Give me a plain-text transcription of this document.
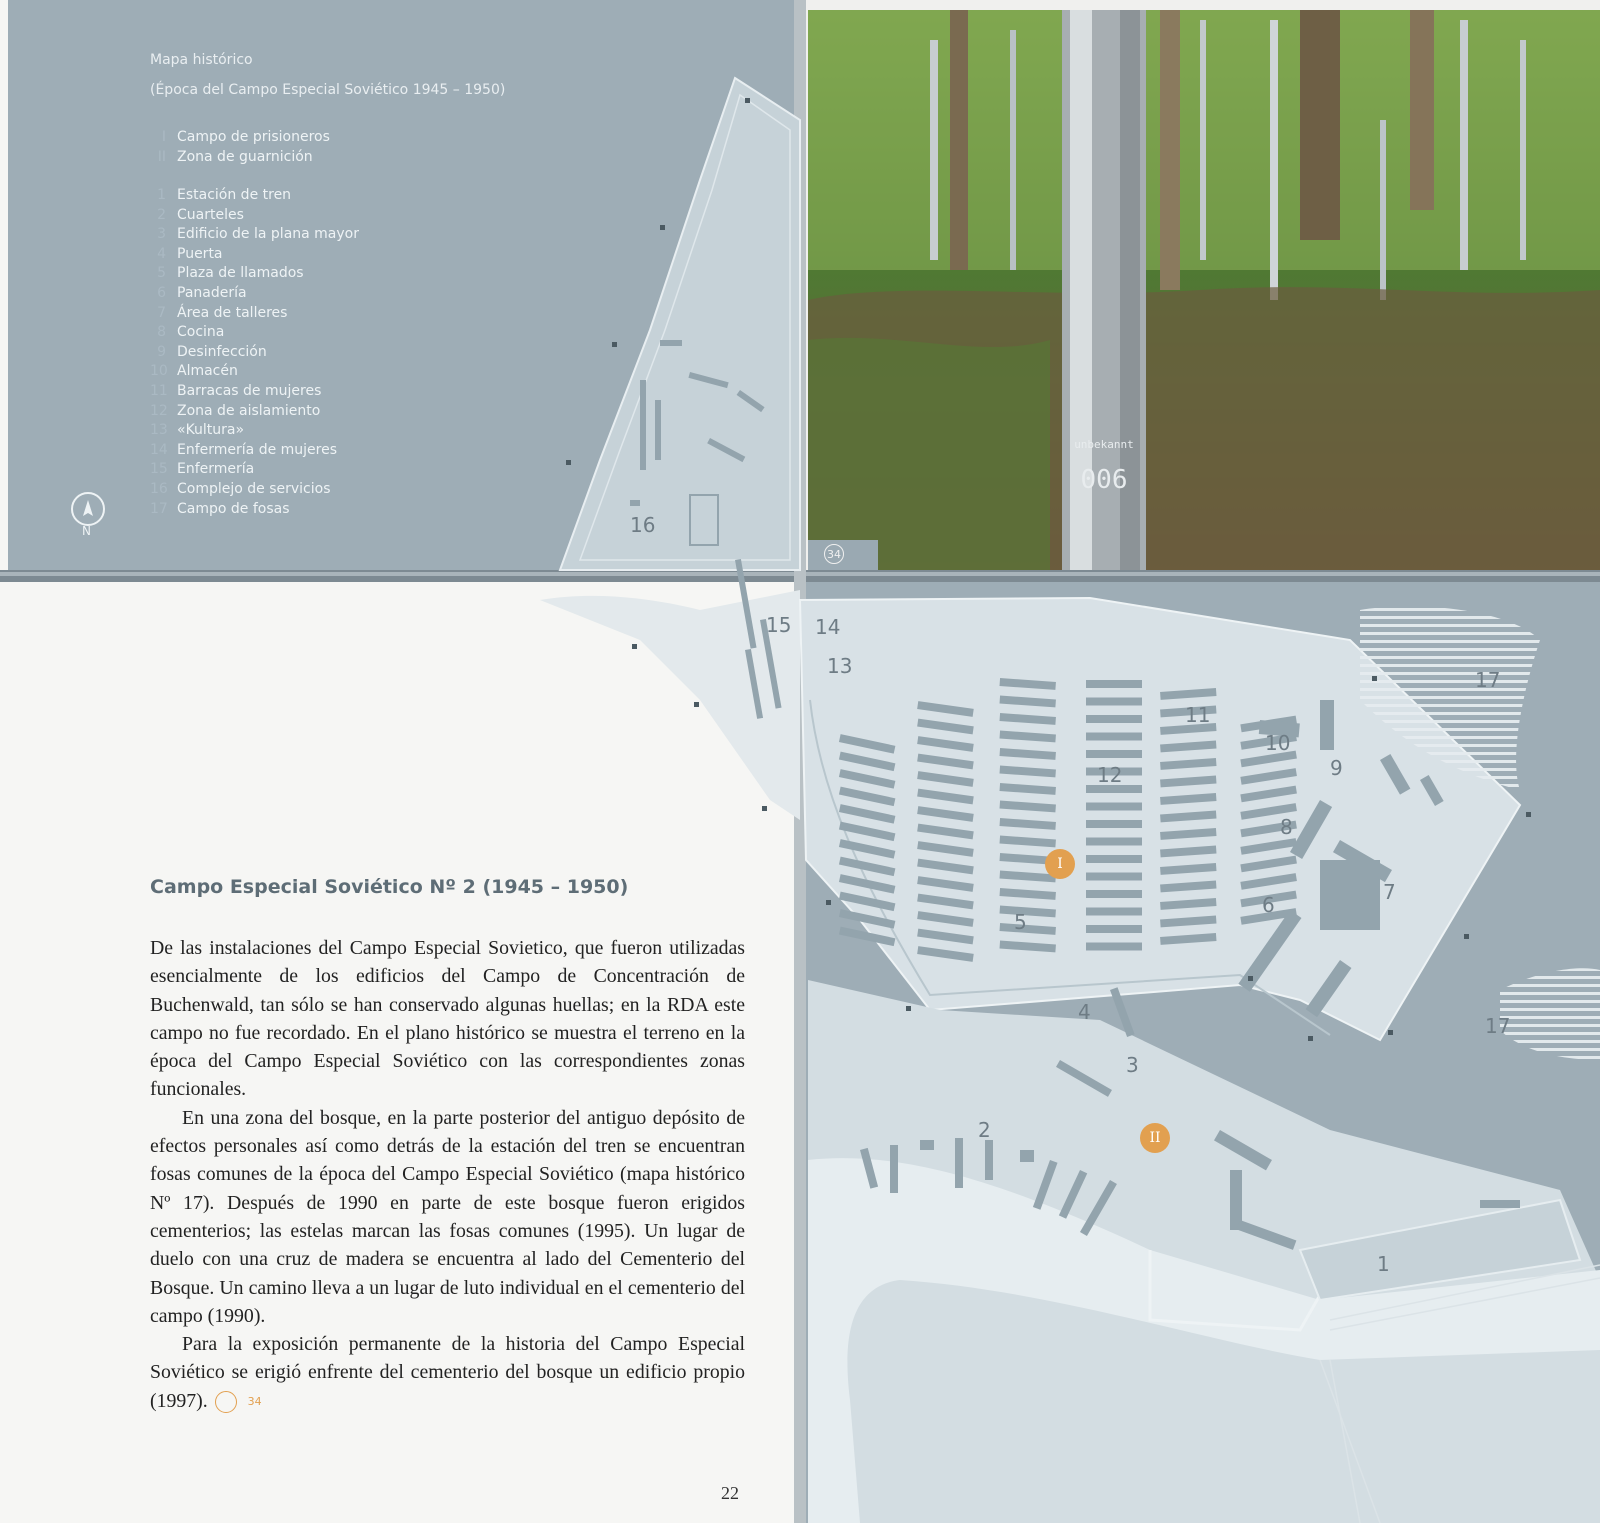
unbekannt
006
34
Mapa histórico
(Época del Campo Especial Soviético 1945 – 1950)
I Campo de prisioneros
II Zona de guarnición
1 Estación de tren
2 Cuarteles
3 Edificio de la plana mayor
4 Puerta
5 Plaza de llamados
6 Panadería
7 Área de talleres
8 Cocina
9 Desinfección
10 Almacén
11 Barracas de mujeres
12 Zona de aislamiento
13 «Kultura»
14 Enfermería de mujeres
15 Enfermería
16 Complejo de servicios
17 Campo de fosas
N
1
2
3
4
5
6
7
8
9
10
11
12
13
14
15
16
17
17
I
II
Campo Especial Soviético Nº 2 (1945 – 1950)

De las instalaciones del Campo Especial Sovietico, que fueron utilizadas esencialmente de los edificios del Campo de Concentración de Buchenwald, tan sólo se han conservado algunas huellas; en la RDA este campo no fue recordado. En el plano histórico se muestra el terreno en la época del Campo Especial Soviético con las correspondientes zonas funcionales.

En una zona del bosque, en la parte posterior del antiguo depósito de efectos personales así como detrás de la estación del tren se encuentran fosas comunes de la época del Campo Especial Soviético (mapa histórico Nº 17). Después de 1990 en parte de este bosque fueron erigidos cementerios; las estelas marcan las fosas comunes (1995). Un lugar de duelo con una cruz de madera se encuentra al lado del Cementerio del Bosque. Un camino lleva a un lugar de luto individual en el cementerio del campo (1990).

Para la exposición permanente de la historia del Campo Especial Soviético se erigió enfrente del cementerio del bosque un edificio propio (1997).	34

22
